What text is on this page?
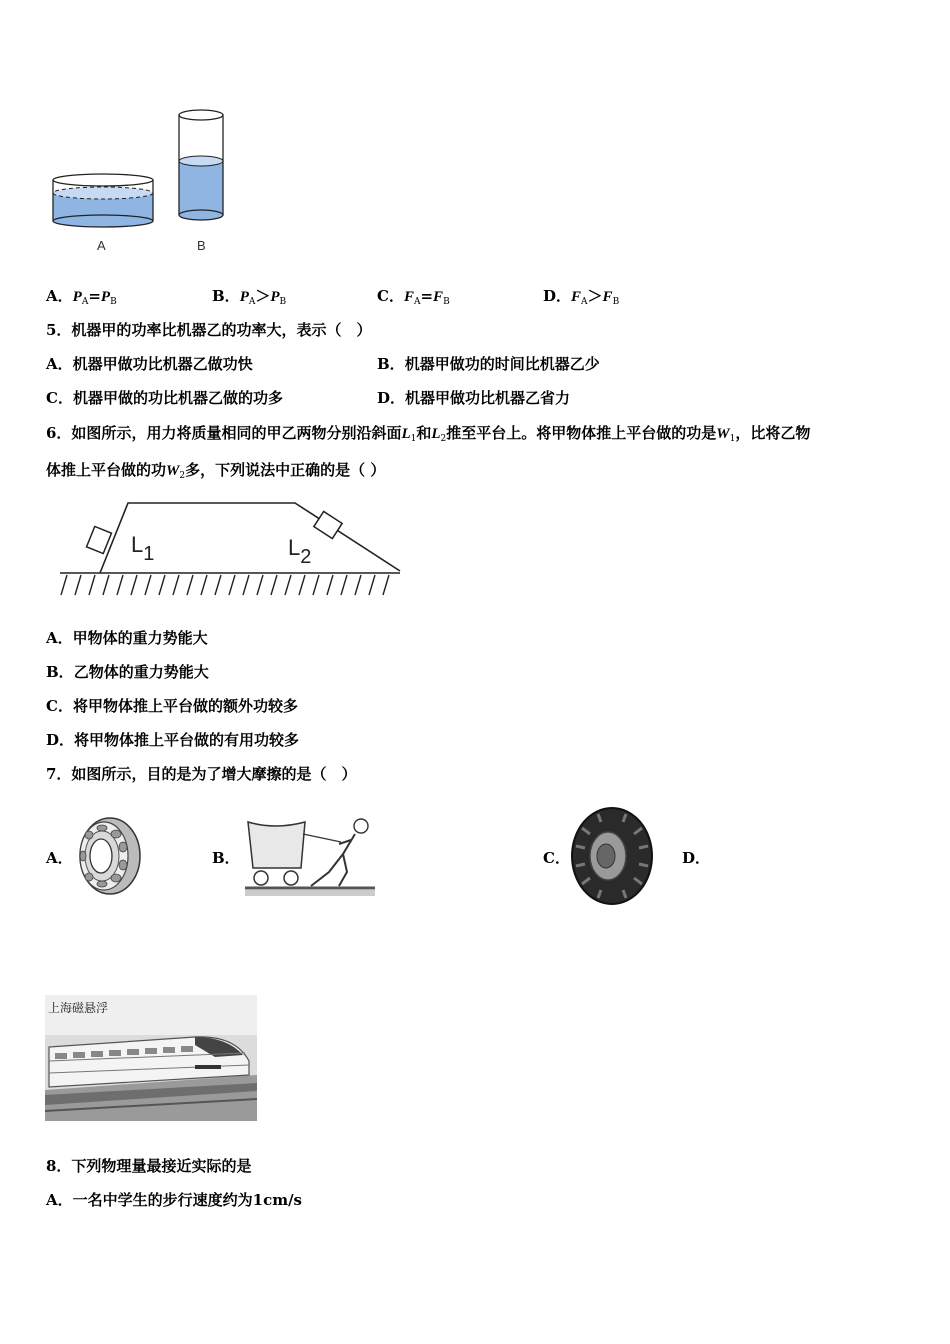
A	B
A．$P_A=P_B$	B．$P_A>P_B$	C．$F_A=F_B$	D．$F_A>F_B$
5．机器甲的功率比机器乙的功率大，表示（　）
A．机器甲做功比机器乙做功快	B．机器甲做功的时间比机器乙少
C．机器甲做的功比机器乙做的功多	D．机器甲做功比机器乙省力
6．如图所示，用力将质量相同的甲乙两物分别沿斜面$L_1$和$L_2$推至平台上。将甲物体推上平台做的功是$W_1$，比将乙物
体推上平台做的功$W_2$多，下列说法中正确的是（ ）
L1	L2
A．甲物体的重力势能大
B．乙物体的重力势能大
C．将甲物体推上平台做的额外功较多
D．将甲物体推上平台做的有用功较多
7．如图所示，目的是为了增大摩擦的是（　）
A．	B．	C．	D．
上海磁悬浮
8．下列物理量最接近实际的是
A．一名中学生的步行速度约为1cm/s
